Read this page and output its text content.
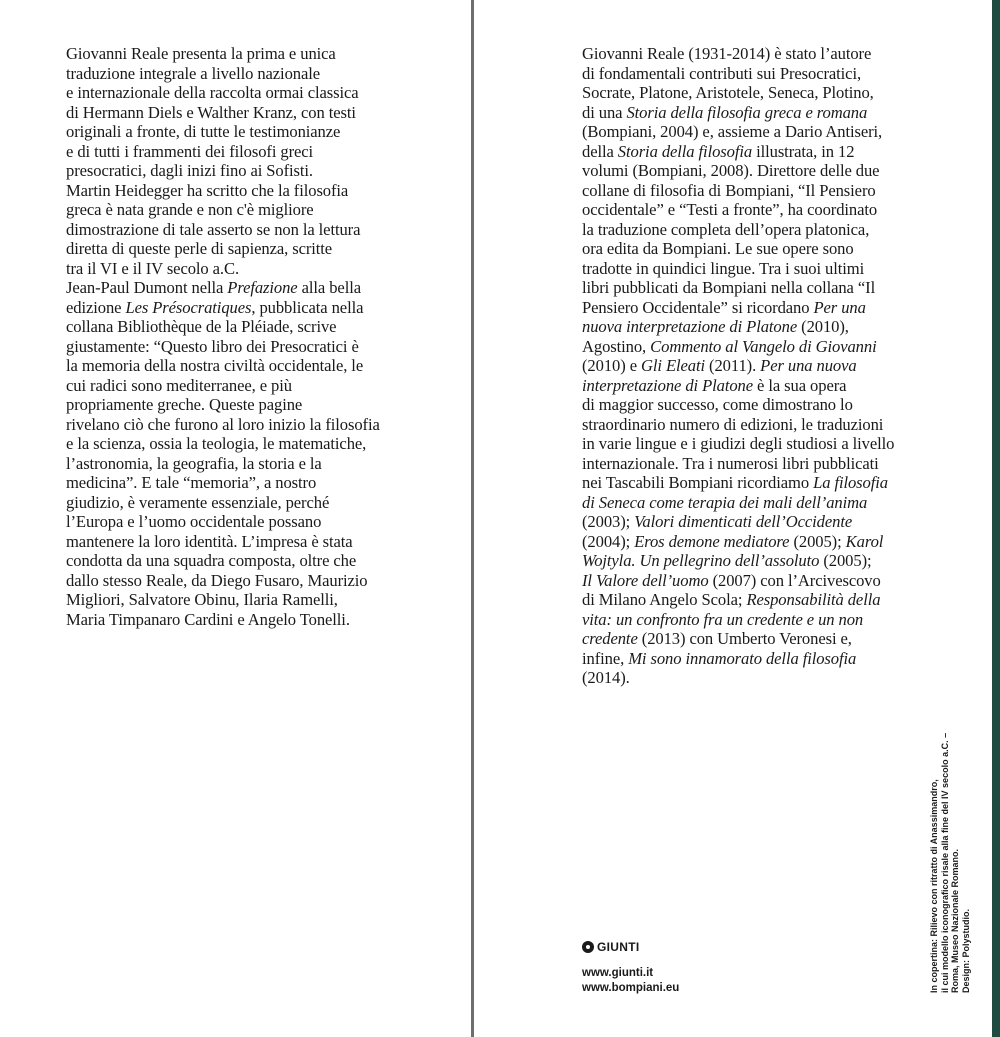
Giovanni Reale presenta la prima e unica

traduzione integrale a livello nazionale

e internazionale della raccolta ormai classica

di Hermann Diels e Walther Kranz, con testi

originali a fronte, di tutte le testimonianze

e di tutti i frammenti dei filosofi greci

presocratici, dagli inizi fino ai Sofisti.

Martin Heidegger ha scritto che la filosofia

greca è nata grande e non c'è migliore

dimostrazione di tale asserto se non la lettura

diretta di queste perle di sapienza, scritte

tra il VI e il IV secolo a.C.

Jean-Paul Dumont nella Prefazione alla bella

edizione Les Présocratiques, pubblicata nella

collana Bibliothèque de la Pléiade, scrive

giustamente: “Questo libro dei Presocratici è

la memoria della nostra civiltà occidentale, le

cui radici sono mediterranee, e più

propriamente greche. Queste pagine

rivelano ciò che furono al loro inizio la filosofia

e la scienza, ossia la teologia, le matematiche,

l’astronomia, la geografia, la storia e la

medicina”. E tale “memoria”, a nostro

giudizio, è veramente essenziale, perché

l’Europa e l’uomo occidentale possano

mantenere la loro identità. L’impresa è stata

condotta da una squadra composta, oltre che

dallo stesso Reale, da Diego Fusaro, Maurizio

Migliori, Salvatore Obinu, Ilaria Ramelli,

Maria Timpanaro Cardini e Angelo Tonelli.

Giovanni Reale (1931-2014) è stato l’autore

di fondamentali contributi sui Presocratici,

Socrate, Platone, Aristotele, Seneca, Plotino,

di una Storia della filosofia greca e romana

(Bompiani, 2004) e, assieme a Dario Antiseri,

della Storia della filosofia illustrata, in 12

volumi (Bompiani, 2008). Direttore delle due

collane di filosofia di Bompiani, “Il Pensiero

occidentale” e “Testi a fronte”, ha coordinato

la traduzione completa dell’opera platonica,

ora edita da Bompiani. Le sue opere sono

tradotte in quindici lingue. Tra i suoi ultimi

libri pubblicati da Bompiani nella collana “Il

Pensiero Occidentale” si ricordano Per una

nuova interpretazione di Platone (2010),

Agostino, Commento al Vangelo di Giovanni

(2010) e Gli Eleati (2011). Per una nuova

interpretazione di Platone è la sua opera

di maggior successo, come dimostrano lo

straordinario numero di edizioni, le traduzioni

in varie lingue e i giudizi degli studiosi a livello

internazionale. Tra i numerosi libri pubblicati

nei Tascabili Bompiani ricordiamo La filosofia

di Seneca come terapia dei mali dell’anima

(2003); Valori dimenticati dell’Occidente

(2004); Eros demone mediatore (2005); Karol

Wojtyla. Un pellegrino dell’assoluto (2005);

Il Valore dell’uomo (2007) con l’Arcivescovo

di Milano Angelo Scola; Responsabilità della

vita: un confronto fra un credente e un non

credente (2013) con Umberto Veronesi e,

infine, Mi sono innamorato della filosofia

(2014).

GIUNTI
www.giunti.it
www.bompiani.eu	In copertina: Rilievo con ritratto di Anassimandro, il cui modello iconografico risale alla fine del IV secolo a.C. – Roma, Museo Nazionale Romano. Design: Polystudio.
